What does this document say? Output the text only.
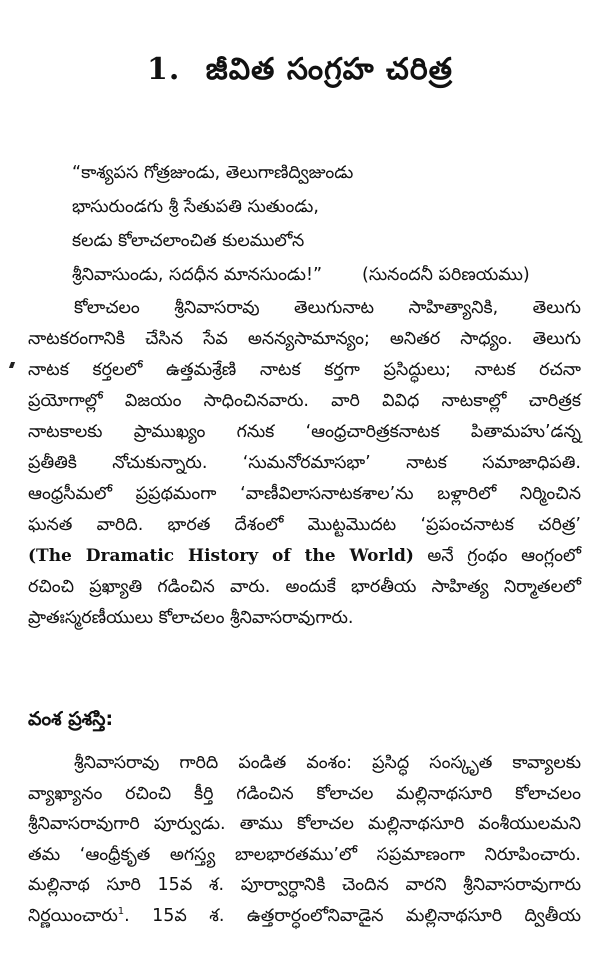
1. జీవిత సంగ్రహ చరిత్ర
“కాశ్యపస గోత్రజుండు, తెలుగాణిద్విజుండు
భాసురుండగు శ్రీ సేతుపతి సుతుండు,
కలడు కోలాచలాంచిత కులములోన
శ్రీనివాసుండు, సదధీన మానసుండు!” (సునందనీ పరిణయము)
కోలాచలం శ్రీనివాసరావు తెలుగునాట సాహిత్యానికి, తెలుగు
నాటకరంగానికి చేసిన సేవ అనన్యసామాన్యం; అనితర సాధ్యం. తెలుగు
నాటక కర్తలలో ఉత్తమశ్రేణి నాటక కర్తగా ప్రసిద్ధులు; నాటక రచనా
ప్రయోగాల్లో విజయం సాధించినవారు. వారి వివిధ నాటకాల్లో చారిత్రక
నాటకాలకు ప్రాముఖ్యం గనుక ‘ఆంధ్రచారిత్రకనాటక పితామహు’డన్న
ప్రతీతికి నోచుకున్నారు. ‘సుమనోరమాసభా’ నాటక సమాజాధిపతి.
ఆంధ్రసీమలో ప్రప్రథమంగా ‘వాణీవిలాసనాటకశాల’ను బళ్లారిలో నిర్మించిన
ఘనత వారిది. భారత దేశంలో మొట్టమొదట ‘ప్రపంచనాటక చరిత్ర’
(The Dramatic History of the World) అనే గ్రంథం ఆంగ్లంలో
రచించి ప్రఖ్యాతి గడించిన వారు. అందుకే భారతీయ సాహిత్య నిర్మాతలలో
ప్రాతఃస్మరణీయులు కోలాచలం శ్రీనివాసరావుగారు.
వంశ ప్రశస్తి:
శ్రీనివాసరావు గారిది పండిత వంశం: ప్రసిద్ధ సంస్కృత కావ్యాలకు
వ్యాఖ్యానం రచించి కీర్తి గడించిన కోలాచల మల్లినాథసూరి కోలాచలం
శ్రీనివాసరావుగారి పూర్వుడు. తాము కోలాచల మల్లినాథసూరి వంశీయులమని
తమ ‘ఆంధ్రీకృత అగస్త్య బాలభారతము’లో సప్రమాణంగా నిరూపించారు.
మల్లినాథ సూరి 15వ శ. పూర్వార్ధానికి చెందిన వారని శ్రీనివాసరావుగారు
నిర్ణయించారు$^1$. 15వ శ. ఉత్తరార్ధంలోనివాడైన మల్లినాథసూరి ద్వితీయ
